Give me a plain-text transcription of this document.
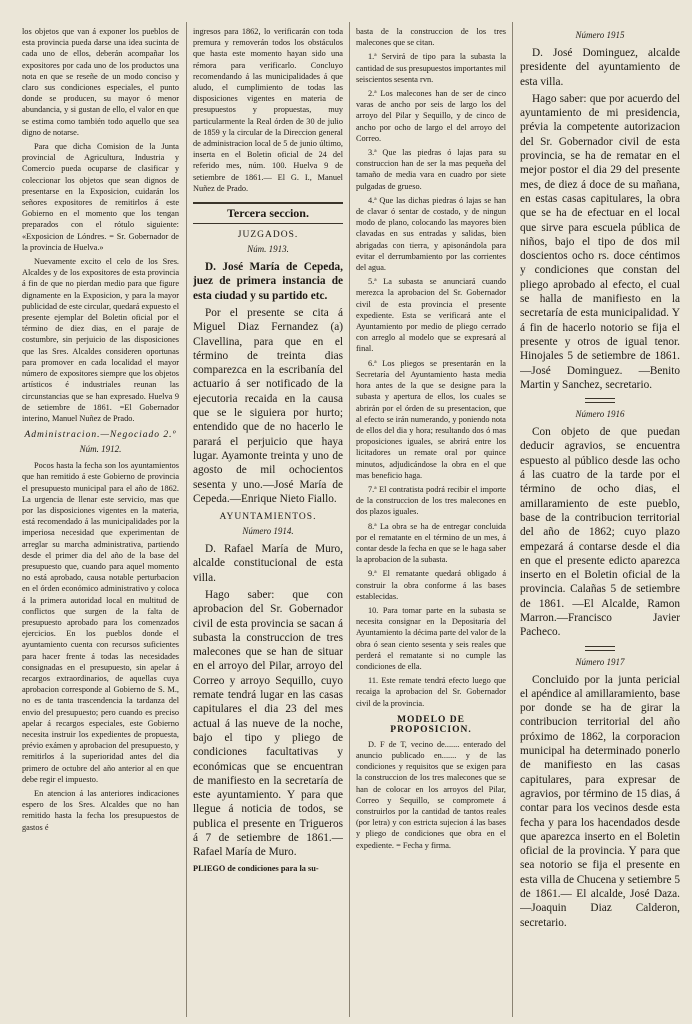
los objetos que van á exponer los pueblos de esta provincia pueda darse una idea sucinta de cada uno de ellos, deberán acompañar los expositores por cada uno de los productos una nota en que se reseñe de un modo conciso y claro sus condiciones especiales, el punto donde se producen, su mayor ó menor abundancia, y si gustan de ello, el valor en que se estima como también todo aquello que sea digno de notarse.

Para que dicha Comision de la Junta provincial de Agricultura, Industria y Comercio pueda ocuparse de clasificar y coleccionar los objetos que sean dignos de presentarse en la Exposicion, cuidarán los señores expositores de remitirlos á este Gobierno en el momento que los tengan preparados con el rótulo siguiente: «Exposicion de Lóndres. = Sr. Gobernador de la provincia de Huelva.»

Nuevamente excito el celo de los Sres. Alcaldes y de los expositores de esta provincia á fin de que no pierdan medio para que figure dignamente en la Exposicion, y para la mayor publicidad de este circular, quedará expuesto el presente ejemplar del Boletin oficial por el término de diez dias, en el paraje de costumbre, sin perjuicio de las disposiciones que las Sres. Alcaldes consideren oportunas para promover en cada localidad el mayor número de expositores siempre que los objetos artísticos é industriales reunan las circunstancias que se han expresado. Huelva 9 de setiembre de 1861. =El Gobernador interino, Manuel Nuñez de Prado.

Administracion.—Negociado 2.º
Núm. 1912.

Pocos hasta la fecha son los ayuntamientos que han remitido á este Gobierno de provincia el presupuesto municipal para el año de 1862. La urgencia de llenar este servicio, mas que por las disposiciones vigentes en la materia, está recomendado á las municipalidades por la imperiosa necesidad que experimentan de arreglar su marcha administrativa, partiendo desde el primer dia del año de la base del presupuesto que, cuando para aquel momento no está aprobado, causa notable perturbacion en el órden económico administrativo y coloca á la primera autoridad local en multitud de conflictos que surgen de la falta de presupuesto aprobado para los comenzados ejercicios. En los pueblos donde el ayuntamiento cuenta con recursos suficientes para hacer frente á todas las necesidades consignadas en el presupuesto, sin apelar á recargos extraordinarios, de aquellas cuya aprobacion corresponde al Gobierno de S. M., no es de tanta trascendencia la tardanza del envio del presupuesto; pero cuando es preciso apelar á recargos especiales, este Gobierno necesita instruir los expedientes de propuesta, prévio exámen y aprobacion del presupuesto, y remitirlos á la superioridad antes del dia primero de octubre del año anterior al en que debe regir el impuesto.

En atencion á las anteriores indicaciones espero de los Sres. Alcaldes que no han remitido hasta la fecha los presupuestos de gastos é

ingresos para 1862, lo verificarán con toda premura y removerán todos los obstáculos que hasta este momento hayan sido una rémora para verificarlo. Concluyo recomendando á las municipalidades á que aludo, el cumplimiento de todas las disposiciones vigentes en materia de presupuestos y propuestas, muy particularmente la Real órden de 30 de julio de 1859 y la circular de la Direccion general de administracion local de 5 de junio último, inserta en el Boletin oficial de 24 del referido mes, núm. 100. Huelva 9 de setiembre de 1861.— El G. I., Manuel Nuñez de Prado.

Tercera seccion.
JUZGADOS.
Núm. 1913.

D. José María de Cepeda, juez de primera instancia de esta ciudad y su partido etc.

Por el presente se cita á Miguel Diaz Fernandez (a) Clavellina, para que en el término de treinta dias comparezca en la escribanía del actuario á ser notificado de la ejecutoria recaida en la causa que se le siguiera por hurto; entendido que de no hacerlo le parará el perjuicio que haya lugar. Ayamonte treinta y uno de agosto de mil ochocientos sesenta y uno.—José María de Cepeda.—Enrique Nieto Fiallo.

AYUNTAMIENTOS.
Número 1914.

D. Rafael María de Muro, alcalde constitucional de esta villa.

Hago saber: que con aprobacion del Sr. Gobernador civil de esta provincia se sacan á subasta la construccion de tres malecones que se han de situar en el arroyo del Pilar, arroyo del Correo y arroyo Sequillo, cuyo remate tendrá lugar en las casas capitulares el dia 23 del mes actual á las nueve de la noche, bajo el tipo y pliego de condiciones facultativas y económicas que se encuentran de manifiesto en la secretaría de este ayuntamiento. Y para que llegue á noticia de todos, se publica el presente en Trigueros á 7 de setiembre de 1861.—Rafael María de Muro.

PLIEGO de condiciones para la su-

basta de la construccion de los tres malecones que se citan.

1.ª Servirá de tipo para la subasta la cantidad de sus presupuestos importantes mil seiscientos sesenta rvn.

2.ª Los malecones han de ser de cinco varas de ancho por seis de largo los del arroyo del Pilar y Sequillo, y de cinco de ancho por ocho de largo el del arroyo del Correo.

3.ª Que las piedras ó lajas para su construccion han de ser la mas pequeña del tamaño de media vara en cuadro por siete pulgadas de grueso.

4.ª Que las dichas piedras ó lajas se han de clavar ó sentar de costado, y de ningun modo de plano, colocando las mayores bien clavadas en sus entradas y salidas, bien abrigadas con tierra, y apisonándola para evitar el derrumbamiento por las corrientes del agua.

5.ª La subasta se anunciará cuando merezca la aprobacion del Sr. Gobernador civil de esta provincia el presente expediente. Esta se verificará ante el Ayuntamiento por medio de pliego cerrado con arreglo al modelo que se expresará al final.

6.ª Los pliegos se presentarán en la Secretaría del Ayuntamiento hasta media hora antes de la que se designe para la subasta y apertura de ellos, los cuales se abrirán por el órden de su presentacion, que al efecto se irán numerando, y poniendo nota de ellos del dia y hora; resultando dos ó mas proposiciones iguales, se abrirá entre los licitadores un remate oral por quince minutos, adjudicándose la obra en el que mas beneficio haga.

7.ª El contratista podrá recibir el importe de la construccion de los tres malecones en dos plazos iguales.

8.ª La obra se ha de entregar concluida por el rematante en el término de un mes, á contar desde la fecha en que se le haga saber la aprobacion de la subasta.

9.ª El rematante quedará obligado á construir la obra conforme á las bases establecidas.

10. Para tomar parte en la subasta se necesita consignar en la Depositaría del Ayuntamiento la décima parte del valor de la obra ó sean ciento sesenta y seis reales que perderá el rematante si no cumple las condiciones de ella.

11. Este remate tendrá efecto luego que recaiga la aprobacion del Sr. Gobernador civil de la provincia.

MODELO DE PROPOSICION.

D. F de T, vecino de....... enterado del anuncio publicado en....... y de las condiciones y requisitos que se exigen para la construccion de los tres malecones que se han de colocar en los arroyos del Pilar, Correo y Sequillo, se compromete á construirlos por la cantidad de tantos reales (por letra) y con estricta sujecion á las bases y pliego de condiciones que obra en el expediente. = Fecha y firma.

Número 1915

D. José Dominguez, alcalde presidente del ayuntamiento de esta villa.

Hago saber: que por acuerdo del ayuntamiento de mi presidencia, prévia la competente autorizacion del Sr. Gobernador civil de esta provincia, se ha de rematar en el mejor postor el dia 29 del presente mes, de diez á doce de su mañana, en estas casas capitulares, la obra que se ha de efectuar en el local que sirve para escuela pública de niños, bajo el tipo de dos mil doscientos ocho rs. doce céntimos y condiciones que constan del pliego aprobado al efecto, el cual se halla de manifiesto en la secretaría de esta municipalidad. Y á fin de hacerlo notorio se fija el presente y otros de igual tenor. Hinojales 5 de setiembre de 1861.—José Dominguez. —Benito Martin y Sanchez, secretario.

Número 1916

Con objeto de que puedan deducir agravios, se encuentra espuesto al público desde las ocho á las cuatro de la tarde por el término de ocho dias, el amillaramiento de este pueblo, base de la contribucion territorial del año de 1862; cuyo plazo empezará á contarse desde el dia en que el presente edicto aparezca inserto en el Boletin oficial de la provincia. Calañas 5 de setiembre de 1861. —El Alcalde, Ramon Marron.—Francisco Javier Pacheco.

Número 1917

Concluido por la junta pericial el apéndice al amillaramiento, base por donde se ha de girar la contribucion territorial del año próximo de 1862, la corporacion municipal ha determinado ponerlo de manifiesto en las casas capitulares, para expresar de agravios, por término de 15 dias, á contar para los vecinos desde esta fecha y para los hacendados desde que aparezca inserto en el Boletin oficial de la provincia. Y para que sea notorio se fija el presente en esta villa de Chucena y setiembre 5 de 1861.— El alcalde, José Daza.—Joaquin Diaz Calderon, secretario.
